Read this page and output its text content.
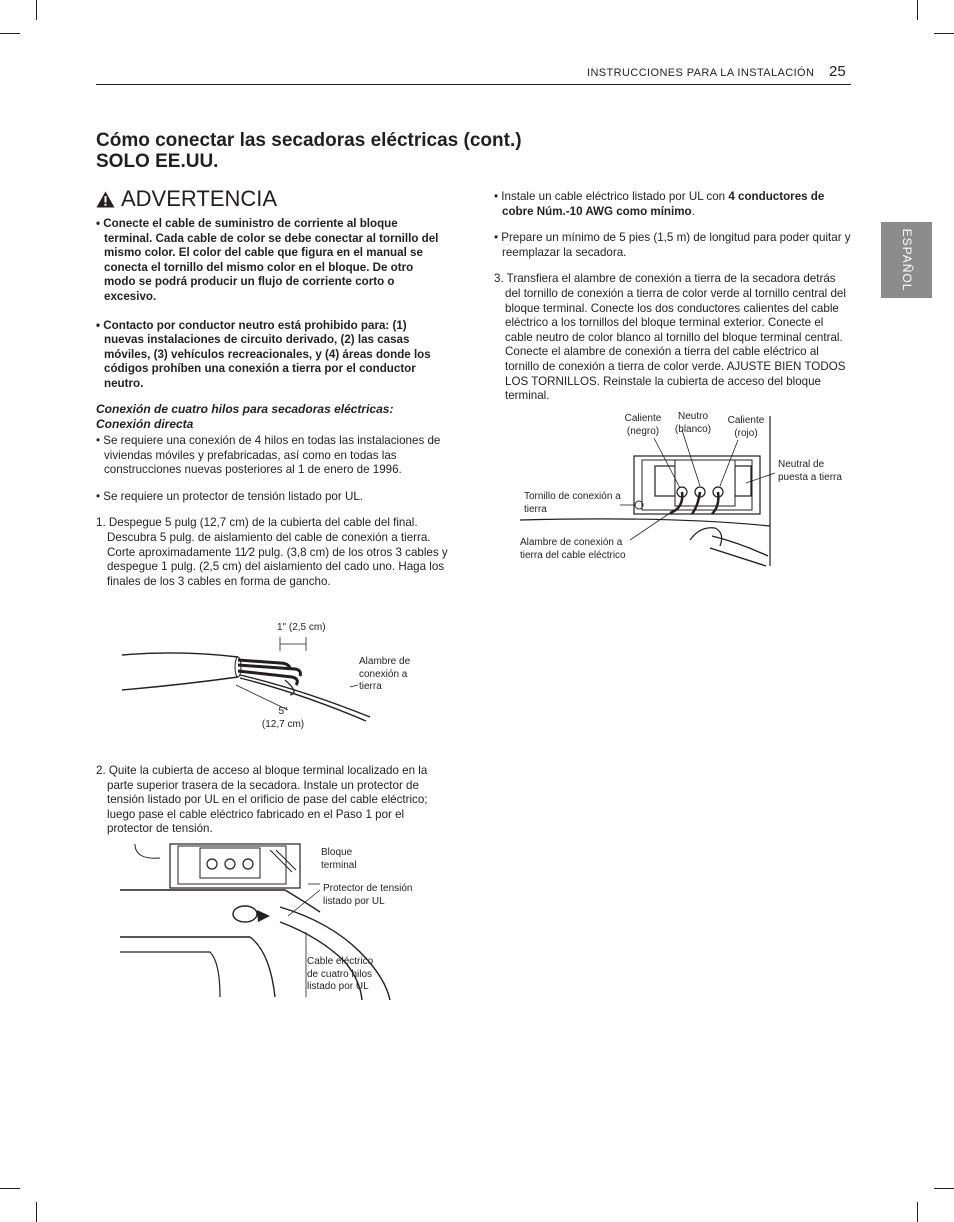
INSTRUCCIONES PARA LA INSTALACIÓN 25
ESPAÑOL
Cómo conectar las secadoras eléctricas (cont.)
SOLO EE.UU.
ADVERTENCIA

• Conecte el cable de suministro de corriente al bloque terminal. Cada cable de color se debe conectar al tornillo del mismo color. El color del cable que figura en el manual se conecta el tornillo del mismo color en el bloque. De otro modo se podrá producir un flujo de corriente corto o excesivo.

• Contacto por conductor neutro está prohibido para: (1) nuevas instalaciones de circuito derivado, (2) las casas móviles, (3) vehículos recreacionales, y (4) áreas donde los códigos prohíben una conexión a tierra por el conductor neutro.

Conexión de cuatro hilos para secadoras eléctricas:

Conexión directa

• Se requiere una conexión de 4 hilos en todas las instalaciones de viviendas móviles y prefabricadas, así como en todas las construcciones nuevas posteriores al 1 de enero de 1996.

• Se requiere un protector de tensión listado por UL.

1. Despegue 5 pulg (12,7 cm) de la cubierta del cable del final. Descubra 5 pulg. de aislamiento del cable de conexión a tierra. Corte aproximadamente 11⁄2 pulg. (3,8 cm) de los otros 3 cables y despegue 1 pulg. (2,5 cm) del aislamiento del cado uno. Haga los finales de los 3 cables en forma de gancho.

1" (2,5 cm)
Alambre de conexión a tierra
5"
(12,7 cm)

2. Quite la cubierta de acceso al bloque terminal localizado en la parte superior trasera de la secadora. Instale un protector de tensión listado por UL en el orificio de pase del cable eléctrico; luego pase el cable eléctrico fabricado en el Paso 1 por el protector de tensión.

Bloque terminal
Protector de tensión listado por UL
Cable eléctrico de cuatro hilos listado por UL

• Instale un cable eléctrico listado por UL con 4 conductores de cobre Núm.-10 AWG como mínimo.

• Prepare un mínimo de 5 pies (1,5 m) de longitud para poder quitar y reemplazar la secadora.

3. Transfiera el alambre de conexión a tierra de la secadora detrás del tornillo de conexión a tierra de color verde al tornillo central del bloque terminal. Conecte los dos conductores calientes del cable eléctrico a los tornillos del bloque terminal exterior. Conecte el cable neutro de color blanco al tornillo del bloque terminal central. Conecte el alambre de conexión a tierra del cable eléctrico al tornillo de conexión a tierra de color verde. AJUSTE BIEN TODOS LOS TORNILLOS. Reinstale la cubierta de acceso del bloque terminal.

Caliente (negro)
Neutro (blanco)
Caliente (rojo)
Neutral de puesta a tierra
Tornillo de conexión a tierra
Alambre de conexión a tierra del cable eléctrico
